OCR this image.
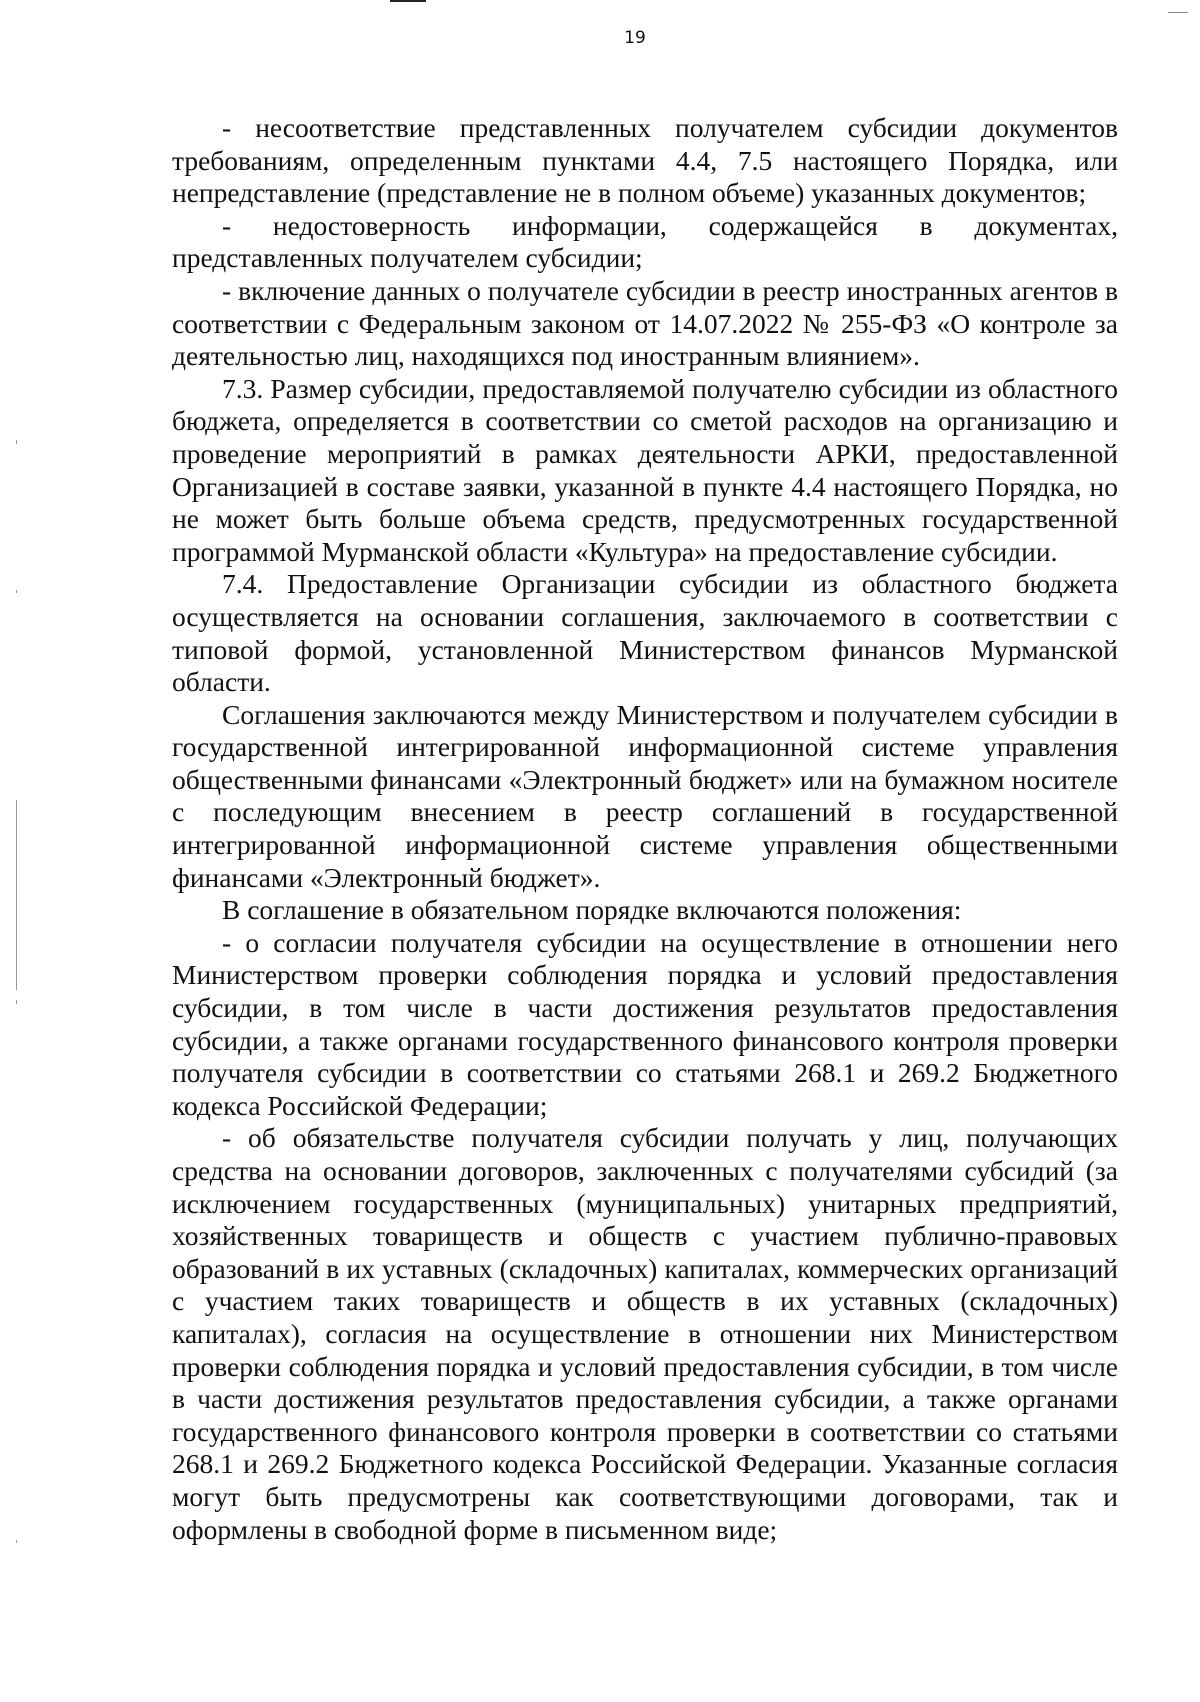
19

- несоответствие представленных получателем субсидии документов требованиям, определенным пунктами 4.4, 7.5 настоящего Порядка, или непредставление (представление не в полном объеме) указанных документов;

- недостоверность информации, содержащейся в документах, представленных получателем субсидии;

- включение данных о получателе субсидии в реестр иностранных агентов в соответствии с Федеральным законом от 14.07.2022 № 255-ФЗ «О контроле за деятельностью лиц, находящихся под иностранным влиянием».

7.3. Размер субсидии, предоставляемой получателю субсидии из областного бюджета, определяется в соответствии со сметой расходов на организацию и проведение мероприятий в рамках деятельности АРКИ, предоставленной Организацией в составе заявки, указанной в пункте 4.4 настоящего Порядка, но не может быть больше объема средств, предусмотренных государственной программой Мурманской области «Культура» на предоставление субсидии.

7.4. Предоставление Организации субсидии из областного бюджета осуществляется на основании соглашения, заключаемого в соответствии с типовой формой, установленной Министерством финансов Мурманской области.

Соглашения заключаются между Министерством и получателем субсидии в государственной интегрированной информационной системе управления общественными финансами «Электронный бюджет» или на бумажном носителе с последующим внесением в реестр соглашений в государственной интегрированной информационной системе управления общественными финансами «Электронный бюджет».

В соглашение в обязательном порядке включаются положения:

- о согласии получателя субсидии на осуществление в отношении него Министерством проверки соблюдения порядка и условий предоставления субсидии, в том числе в части достижения результатов предоставления субсидии, а также органами государственного финансового контроля проверки получателя субсидии в соответствии со статьями 268.1 и 269.2 Бюджетного кодекса Российской Федерации;

- об обязательстве получателя субсидии получать у лиц, получающих средства на основании договоров, заключенных с получателями субсидий (за исключением государственных (муниципальных) унитарных предприятий, хозяйственных товариществ и обществ с участием публично-правовых образований в их уставных (складочных) капиталах, коммерческих организаций с участием таких товариществ и обществ в их уставных (складочных) капиталах), согласия на осуществление в отношении них Министерством проверки соблюдения порядка и условий предоставления субсидии, в том числе в части достижения результатов предоставления субсидии, а также органами государственного финансового контроля проверки в соответствии со статьями 268.1 и 269.2 Бюджетного кодекса Российской Федерации. Указанные согласия могут быть предусмотрены как соответствующими договорами, так и оформлены в свободной форме в письменном виде;
